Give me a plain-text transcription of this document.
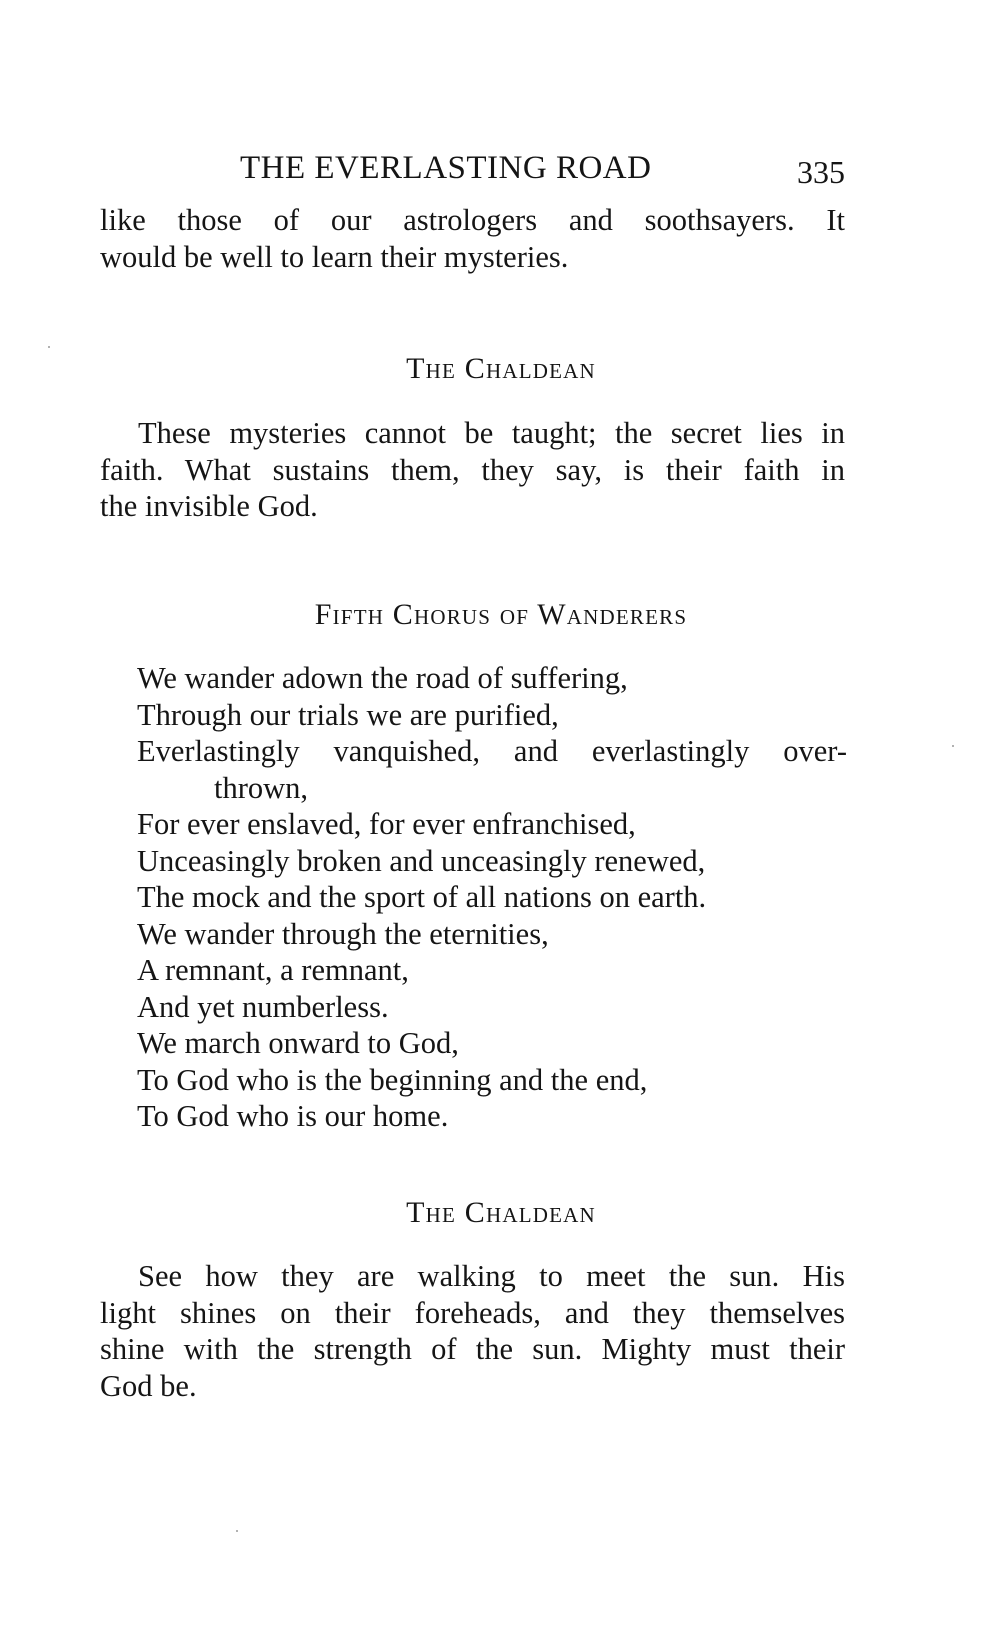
THE EVERLASTING ROAD	335
like those of our astrologers and soothsayers. It
would be well to learn their mysteries.
The Chaldean
These mysteries cannot be taught; the secret lies in
faith. What sustains them, they say, is their faith in
the invisible God.
Fifth Chorus of Wanderers
We wander adown the road of suffering,
Through our trials we are purified,
Everlastingly vanquished, and everlastingly over-
thrown,
For ever enslaved, for ever enfranchised,
Unceasingly broken and unceasingly renewed,
The mock and the sport of all nations on earth.
We wander through the eternities,
A remnant, a remnant,
And yet numberless.
We march onward to God,
To God who is the beginning and the end,
To God who is our home.
The Chaldean
See how they are walking to meet the sun. His
light shines on their foreheads, and they themselves
shine with the strength of the sun. Mighty must their
God be.
